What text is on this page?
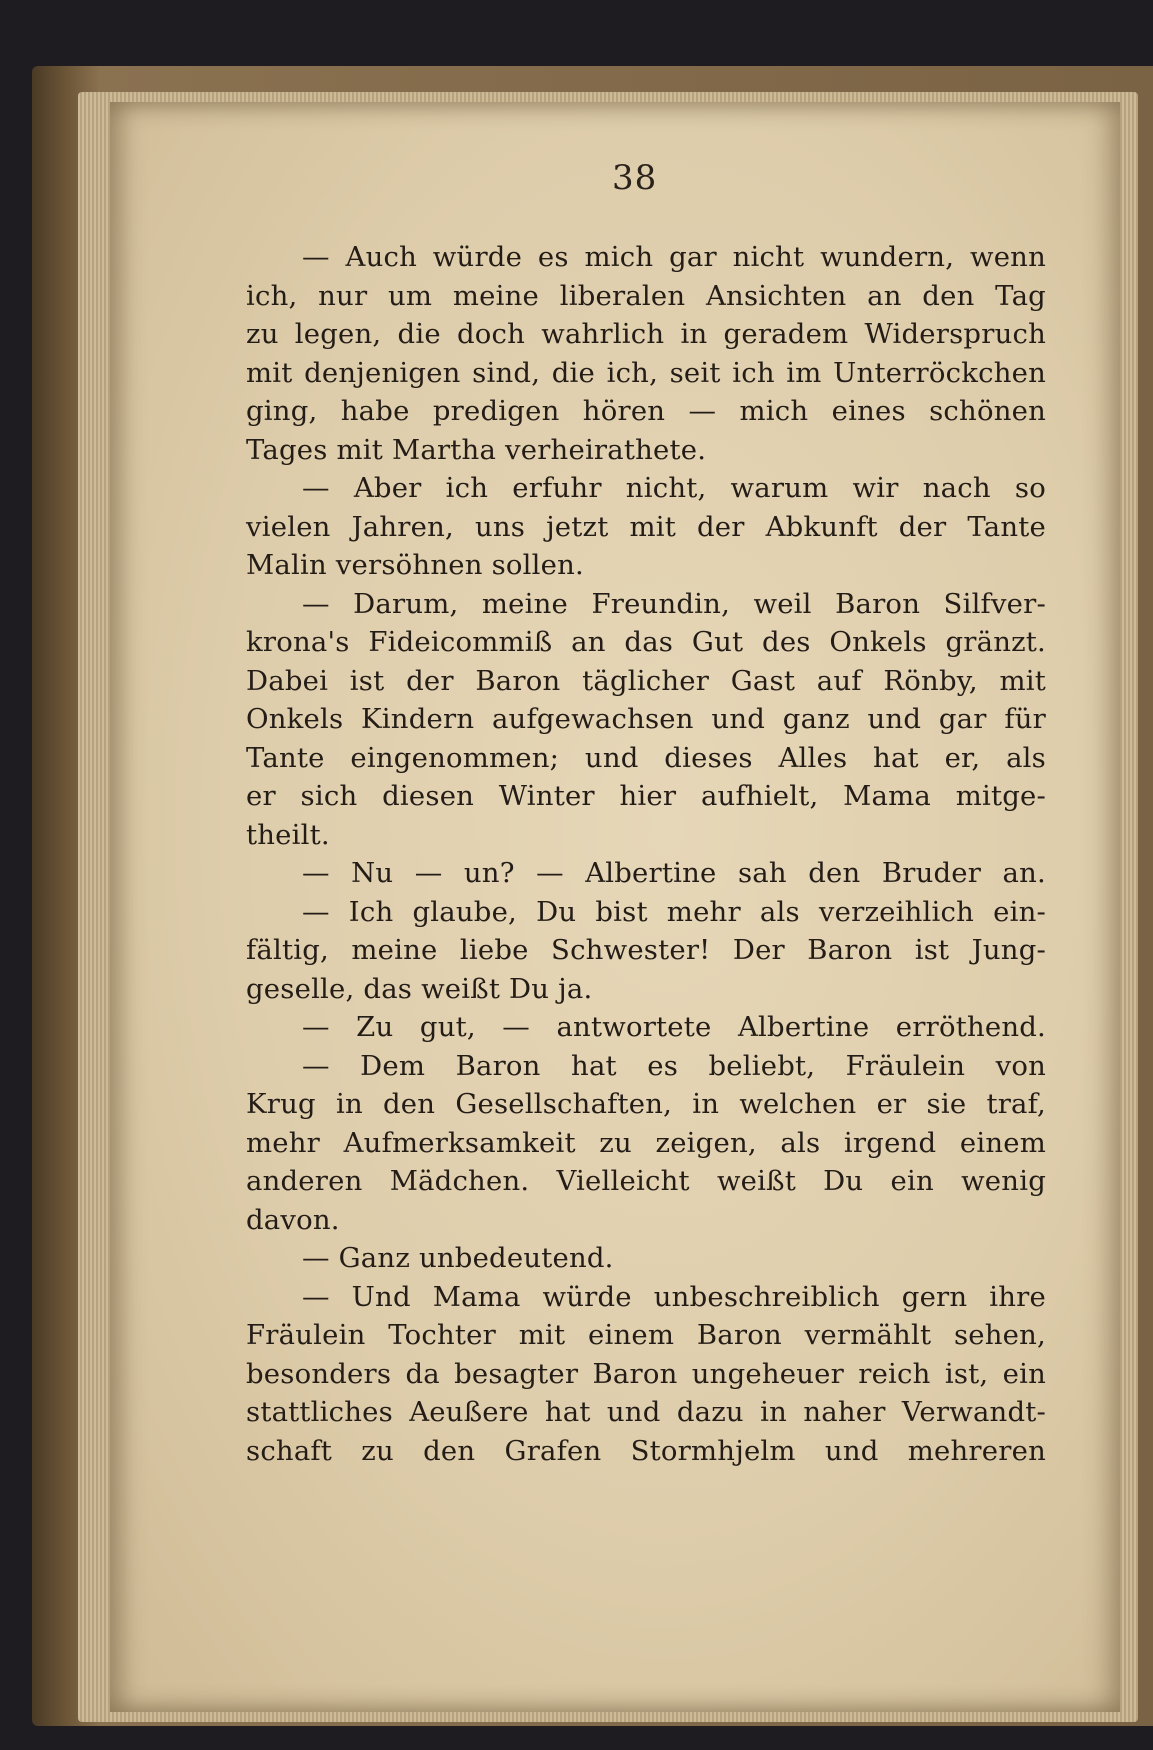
38
— Auch würde es mich gar nicht wundern, wenn
ich, nur um meine liberalen Ansichten an den Tag
zu legen, die doch wahrlich in geradem Widerspruch
mit denjenigen sind, die ich, seit ich im Unterröckchen
ging, habe predigen hören — mich eines schönen
Tages mit Martha verheirathete.
— Aber ich erfuhr nicht, warum wir nach so
vielen Jahren, uns jetzt mit der Abkunft der Tante
Malin versöhnen sollen.
— Darum, meine Freundin, weil Baron Silfver-
krona's Fideicommiß an das Gut des Onkels gränzt.
Dabei ist der Baron täglicher Gast auf Rönby, mit
Onkels Kindern aufgewachsen und ganz und gar für
Tante eingenommen; und dieses Alles hat er, als
er sich diesen Winter hier aufhielt, Mama mitge-
theilt.
— Nu — un? — Albertine sah den Bruder an.
— Ich glaube, Du bist mehr als verzeihlich ein-
fältig, meine liebe Schwester! Der Baron ist Jung-
geselle, das weißt Du ja.
— Zu gut, — antwortete Albertine erröthend.
— Dem Baron hat es beliebt, Fräulein von
Krug in den Gesellschaften, in welchen er sie traf,
mehr Aufmerksamkeit zu zeigen, als irgend einem
anderen Mädchen. Vielleicht weißt Du ein wenig
davon.
— Ganz unbedeutend.
— Und Mama würde unbeschreiblich gern ihre
Fräulein Tochter mit einem Baron vermählt sehen,
besonders da besagter Baron ungeheuer reich ist, ein
stattliches Aeußere hat und dazu in naher Verwandt-
schaft zu den Grafen Stormhjelm und mehreren
